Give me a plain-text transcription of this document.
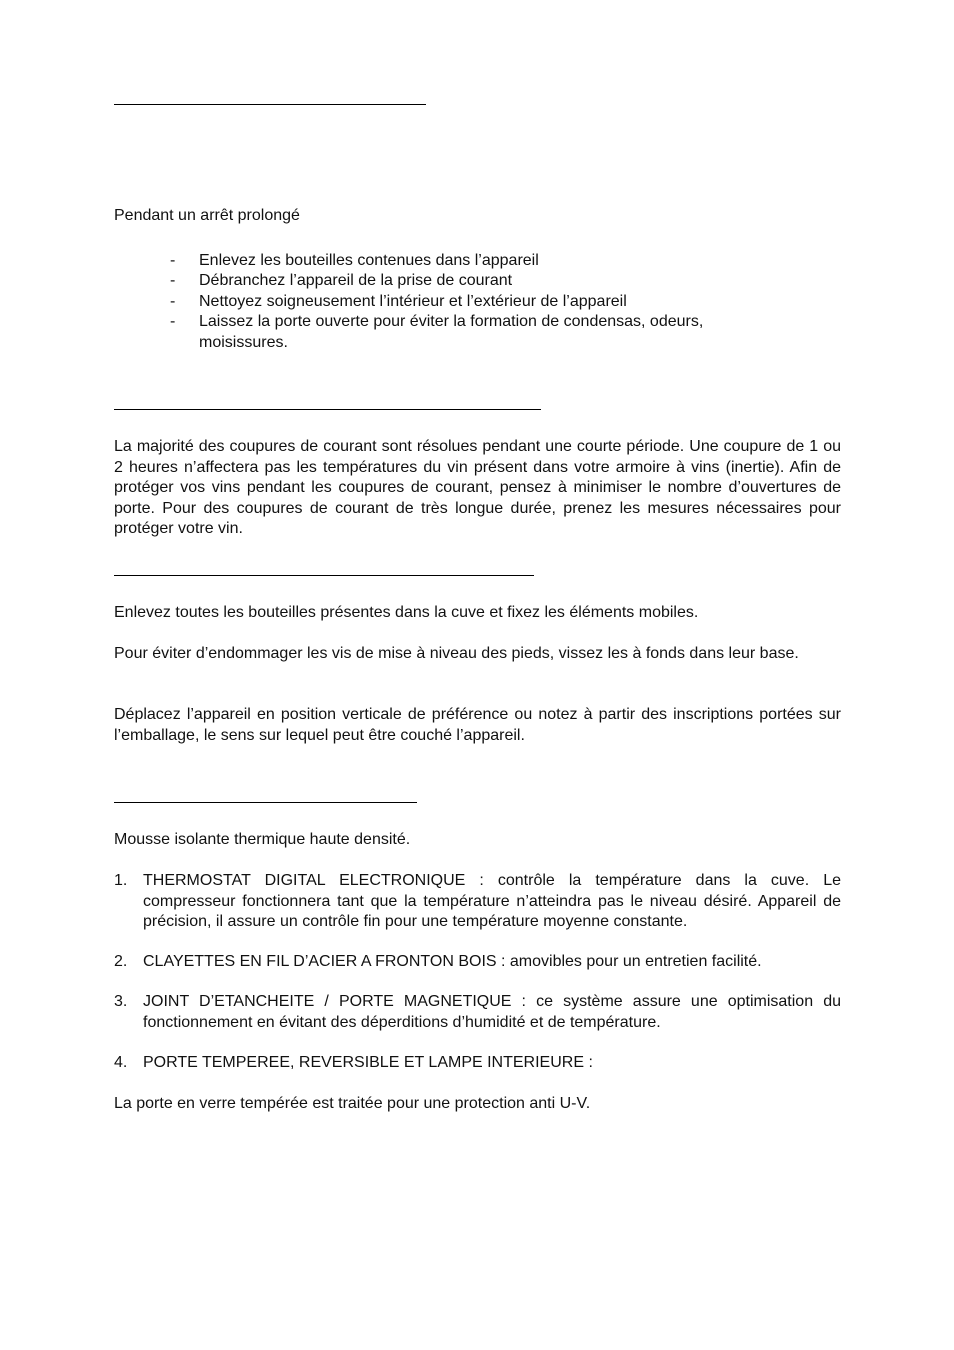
Pendant un arrêt prolongé

- Enlevez les bouteilles contenues dans l’appareil
- Débranchez l’appareil de la prise de courant
- Nettoyez soigneusement l’intérieur et l’extérieur de l’appareil
- Laissez la porte ouverte pour éviter la formation de condensas, odeurs, moisissures.

La majorité des coupures de courant sont résolues pendant une courte période. Une coupure de 1 ou 2 heures n’affectera pas les températures du vin présent dans votre armoire à vins (inertie). Afin de protéger vos vins pendant les coupures de courant, pensez à minimiser le nombre d’ouvertures de porte. Pour des coupures de courant de très longue durée, prenez les mesures nécessaires pour protéger votre vin.

Enlevez toutes les bouteilles présentes dans la cuve et fixez les éléments mobiles.

Pour éviter d’endommager les vis de mise à niveau des pieds, vissez les à fonds dans leur base.

Déplacez l’appareil en position verticale de préférence ou notez à partir des inscriptions portées sur l’emballage, le sens sur lequel peut être couché l’appareil.

Mousse isolante thermique haute densité.

1. THERMOSTAT DIGITAL ELECTRONIQUE : contrôle la température dans la cuve. Le compresseur fonctionnera tant que la température n’atteindra pas le niveau désiré. Appareil de précision, il assure un contrôle fin pour une température moyenne constante.
2. CLAYETTES EN FIL D’ACIER A FRONTON BOIS : amovibles pour un entretien facilité.
3. JOINT D’ETANCHEITE / PORTE MAGNETIQUE : ce système assure une optimisation du fonctionnement en évitant des déperditions d’humidité et de température.
4. PORTE TEMPEREE, REVERSIBLE ET LAMPE INTERIEURE :

La porte en verre tempérée est traitée pour une protection anti U-V.
